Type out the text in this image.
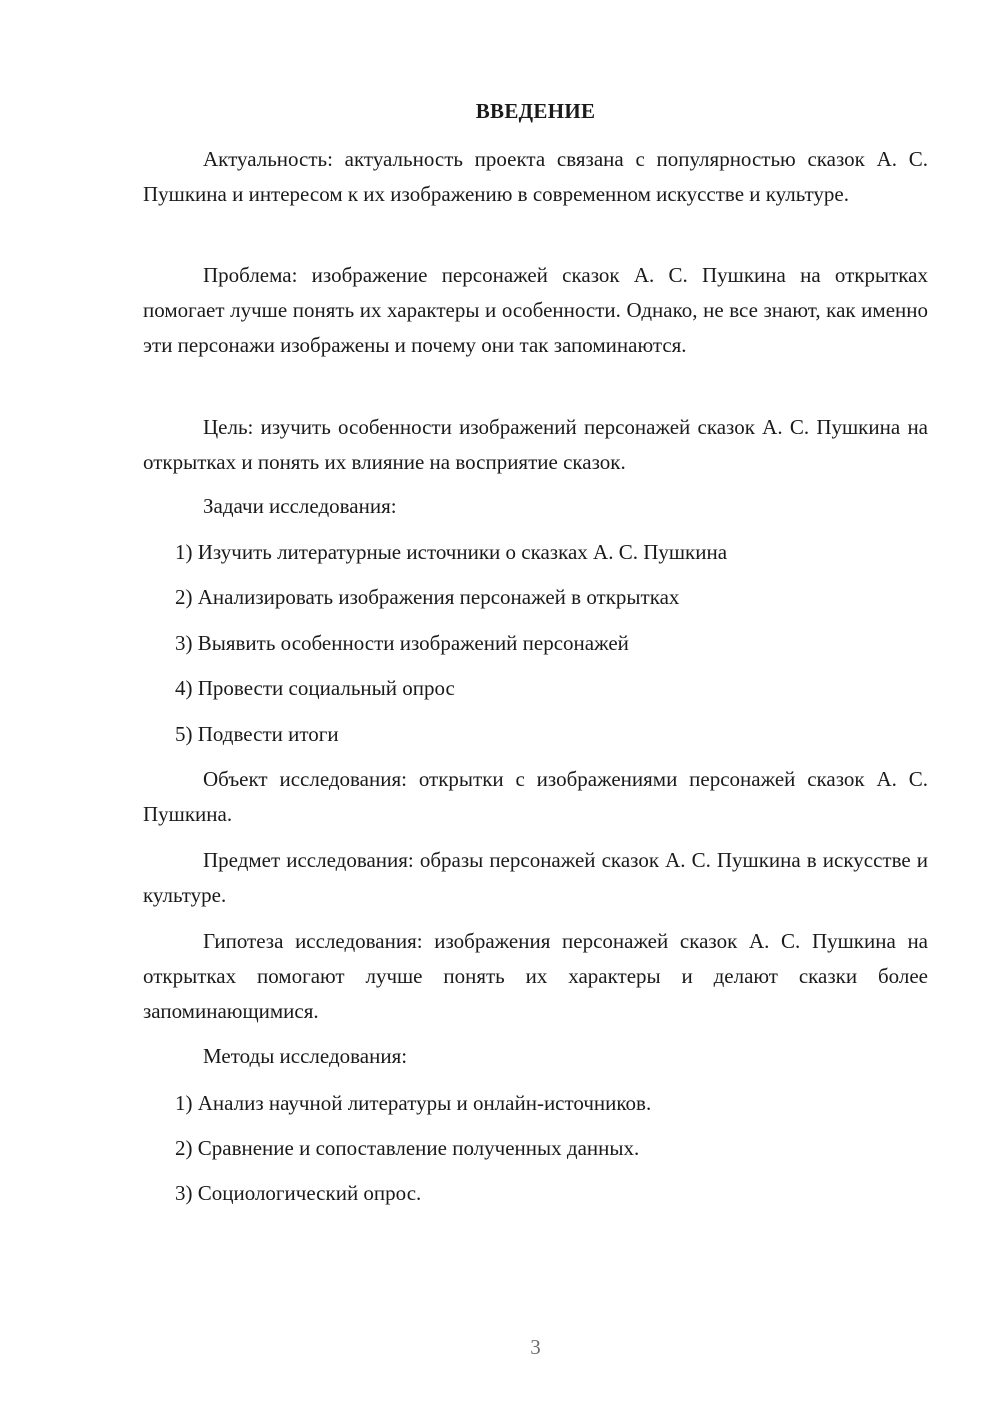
ВВЕДЕНИЕ

Актуальность: актуальность проекта связана с популярностью сказок А. С. Пушкина и интересом к их изображению в современном искусстве и культуре.

Проблема: изображение персонажей сказок А. С. Пушкина на открытках помогает лучше понять их характеры и особенности. Однако, не все знают, как именно эти персонажи изображены и почему они так запоминаются.

Цель: изучить особенности изображений персонажей сказок А. С. Пушкина на открытках и понять их влияние на восприятие сказок.

Задачи исследования:

1) Изучить литературные источники о сказках А. С. Пушкина

2) Анализировать изображения персонажей в открытках

3) Выявить особенности изображений персонажей

4) Провести социальный опрос

5) Подвести итоги

Объект исследования: открытки с изображениями персонажей сказок А. С. Пушкина.

Предмет исследования: образы персонажей сказок А. С. Пушкина в искусстве и культуре.

Гипотеза исследования: изображения персонажей сказок А. С. Пушкина на открытках помогают лучше понять их характеры и делают сказки более запоминающимися.

Методы исследования:

1) Анализ научной литературы и онлайн-источников.

2) Сравнение и сопоставление полученных данных.

3) Социологический опрос.

3
